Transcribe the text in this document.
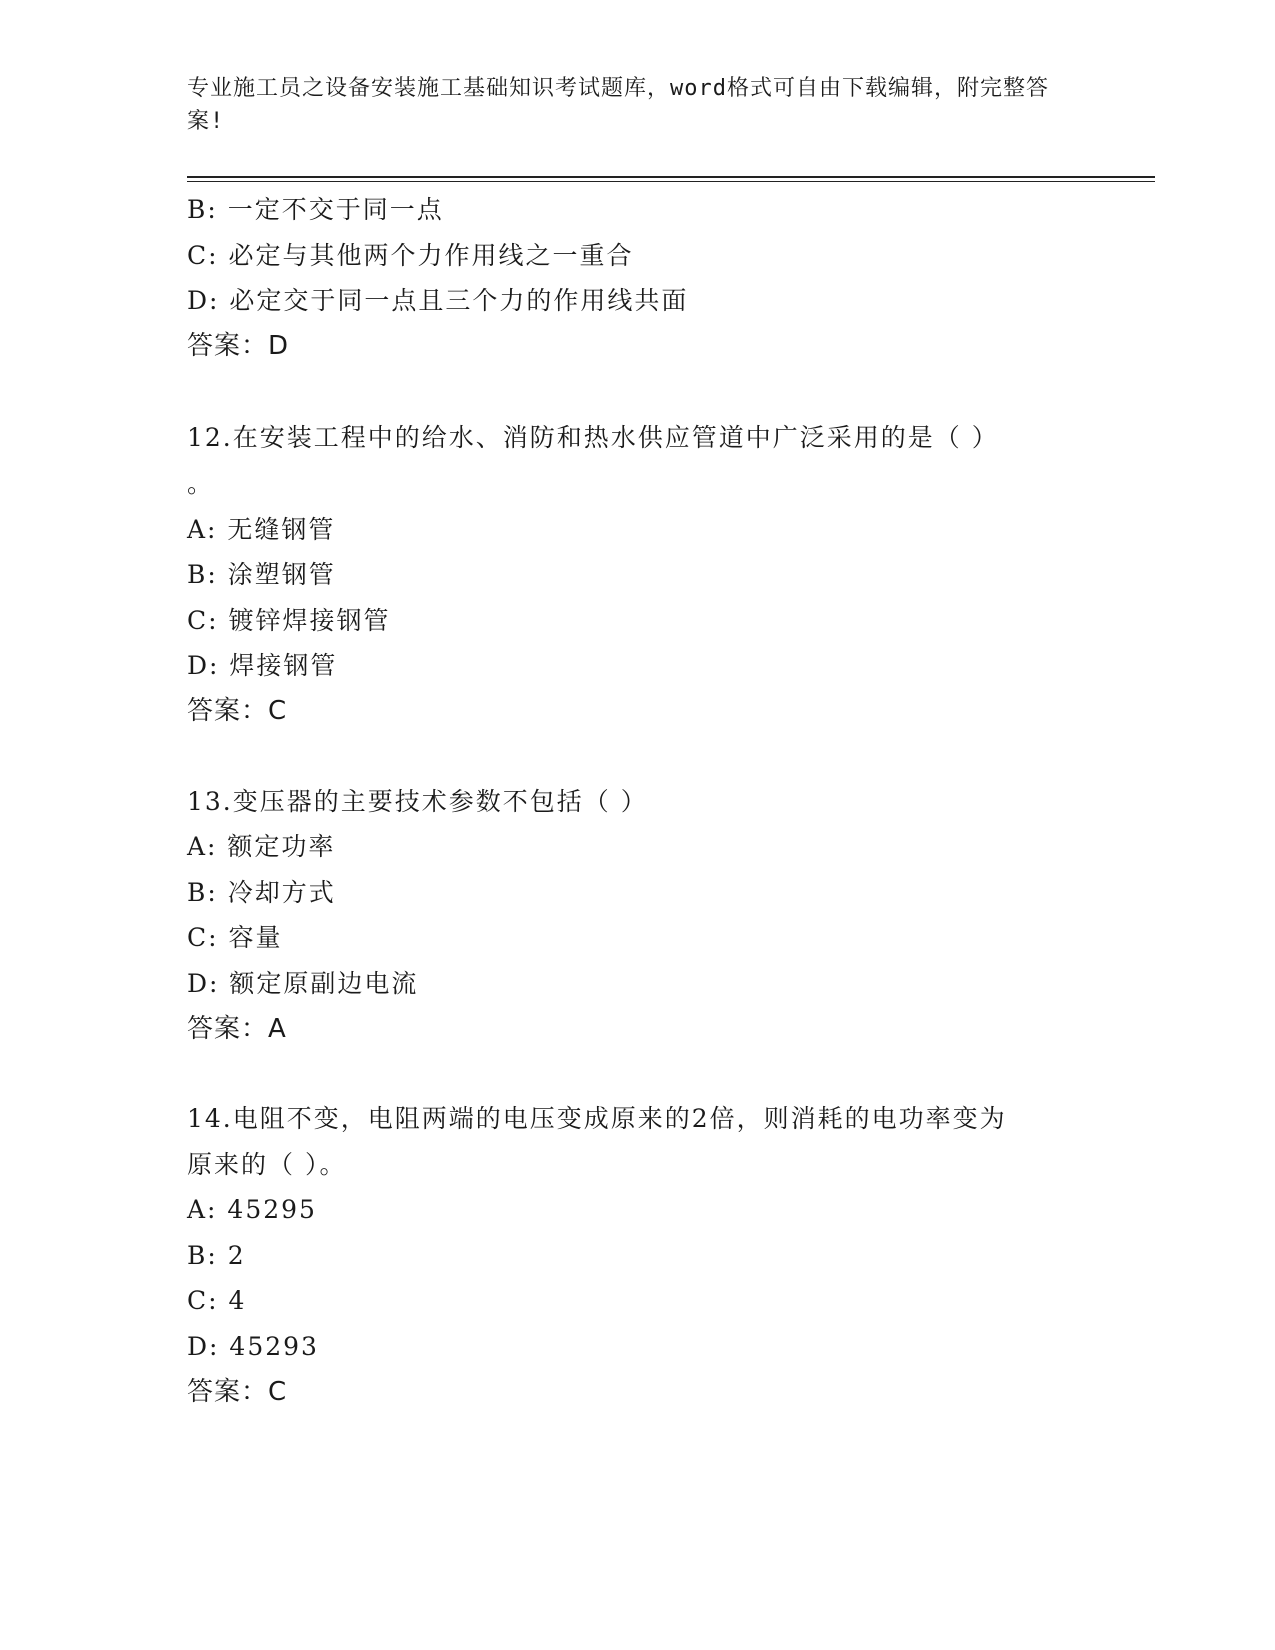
专业施工员之设备安装施工基础知识考试题库，word格式可自由下载编辑，附完整答案!
B: 一定不交于同一点
C: 必定与其他两个力作用线之一重合
D: 必定交于同一点且三个力的作用线共面
答案：D
12.在安装工程中的给水、消防和热水供应管道中广泛采用的是（ ）
。
A: 无缝钢管
B: 涂塑钢管
C: 镀锌焊接钢管
D: 焊接钢管
答案：C
13.变压器的主要技术参数不包括（ ）
A: 额定功率
B: 冷却方式
C: 容量
D: 额定原副边电流
答案：A
14.电阻不变，电阻两端的电压变成原来的2倍，则消耗的电功率变为
原来的（ ）。
A: 45295
B: 2
C: 4
D: 45293
答案：C
